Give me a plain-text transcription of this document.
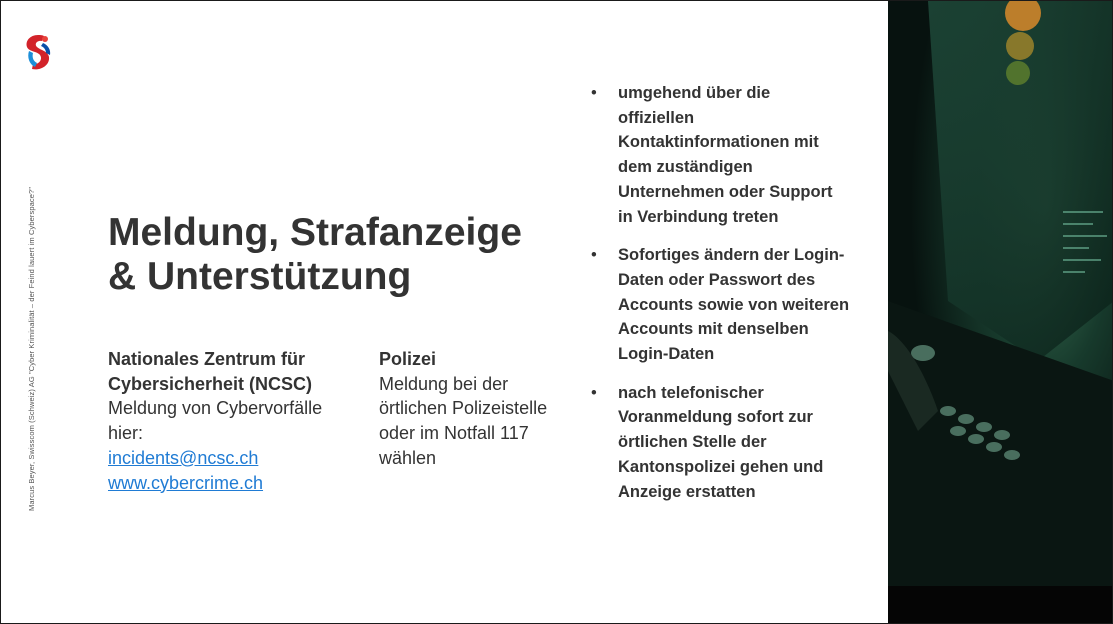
Marcus Beyer, Swisscom (Schweiz) AG "Cyber Kriminalität – der Feind lauert im Cyberspace?" Meldung, Strafanzeige
& Unterstützung
Nationales Zentrum für
Cybersicherheit (NCSC)
Meldung von Cybervorfälle
hier:
incidents@ncsc.ch
www.cybercrime.ch
Polizei
Meldung bei der
örtlichen Polizeistelle
oder im Notfall 117
wählen
•	umgehend über die
offiziellen
Kontaktinformationen mit
dem zuständigen
Unternehmen oder Support
in Verbindung treten
•	Sofortiges ändern der Login-
Daten oder Passwort des
Accounts sowie von weiteren
Accounts mit denselben
Login-Daten
•	nach telefonischer
Voranmeldung sofort zur
örtlichen Stelle der
Kantonspolizei gehen und
Anzeige erstatten
